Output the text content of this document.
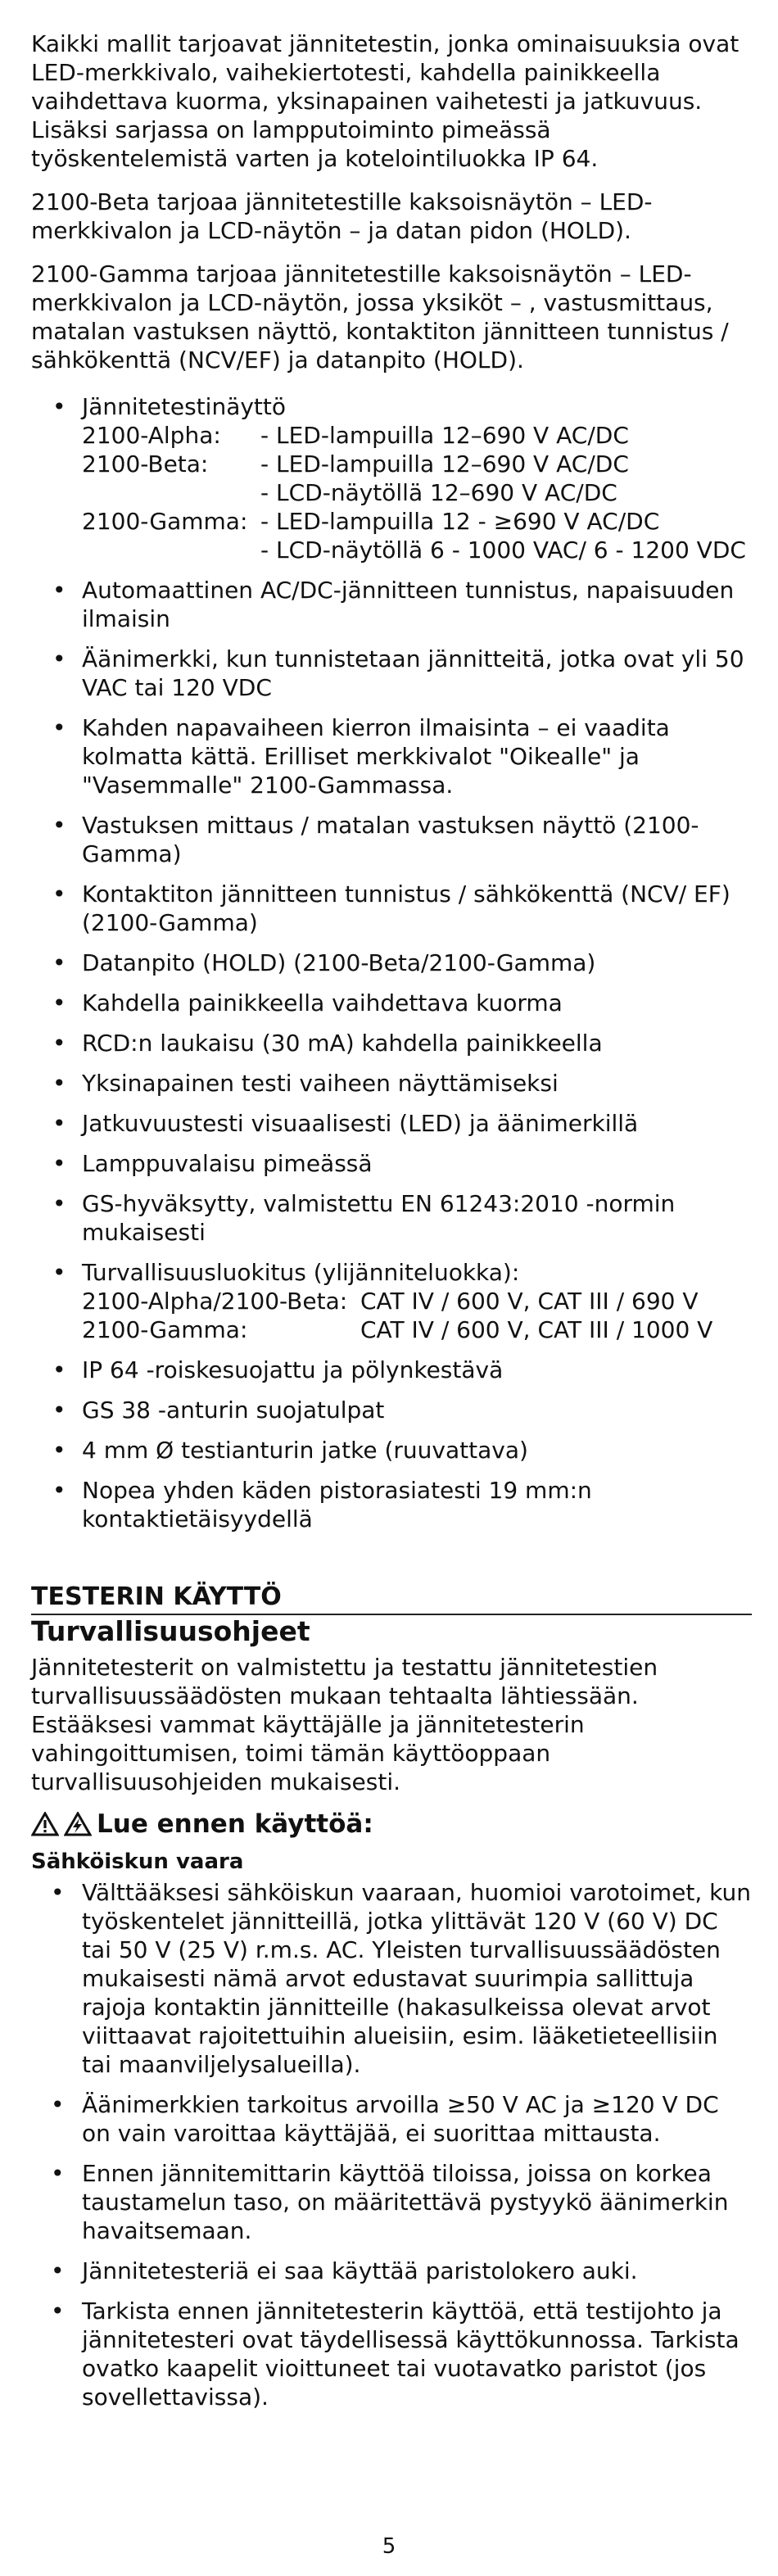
Kaikki mallit tarjoavat jännitetestin, jonka ominaisuuksia ovat LED-merkkivalo, vaihekiertotesti, kahdella painikkeella vaihdettava kuorma, yksinapainen vaihetesti ja jatkuvuus. Lisäksi sarjassa on lampputoiminto pimeässä työskentelemistä varten ja kotelointiluokka IP 64.

2100-Beta tarjoaa jännitetestille kaksoisnäytön – LED-merkkivalon ja LCD-näytön – ja datan pidon (HOLD).

2100-Gamma tarjoaa jännitetestille kaksoisnäytön – LED-merkkivalon ja LCD-näytön, jossa yksiköt – , vastusmittaus, matalan vastuksen näyttö, kontaktiton jännitteen tunnistus / sähkökenttä (NCV/EF) ja datanpito (HOLD).

• Jännitetestinäyttö
2100-Alpha:	- LED-lampuilla 12–690 V AC/DC
2100-Beta:	- LED-lampuilla 12–690 V AC/DC
- LCD-näytöllä 12–690 V AC/DC
2100-Gamma: - LED-lampuilla 12 - ≥690 V AC/DC
- LCD-näytöllä 6 - 1000 VAC/ 6 - 1200 VDC
• Automaattinen AC/DC-jännitteen tunnistus, napaisuuden ilmaisin
• Äänimerkki, kun tunnistetaan jännitteitä, jotka ovat yli 50 VAC tai 120 VDC
• Kahden napavaiheen kierron ilmaisinta – ei vaadita kolmatta kättä. Erilliset merkkivalot "Oikealle" ja "Vasemmalle" 2100-Gammassa.
• Vastuksen mittaus / matalan vastuksen näyttö (2100-Gamma)
• Kontaktiton jännitteen tunnistus / sähkökenttä (NCV/ EF) (2100-Gamma)
• Datanpito (HOLD) (2100-Beta/2100-Gamma)
• Kahdella painikkeella vaihdettava kuorma
• RCD:n laukaisu (30 mA) kahdella painikkeella
• Yksinapainen testi vaiheen näyttämiseksi
• Jatkuvuustesti visuaalisesti (LED) ja äänimerkillä
• Lamppuvalaisu pimeässä
• GS-hyväksytty, valmistettu EN 61243:2010 -normin mukaisesti
• Turvallisuusluokitus (ylijänniteluokka):
2100-Alpha/2100-Beta: CAT IV / 600 V, CAT III / 690 V
2100-Gamma:	CAT IV / 600 V, CAT III / 1000 V
• IP 64 -roiskesuojattu ja pölynkestävä
• GS 38 -anturin suojatulpat
• 4 mm Ø testianturin jatke (ruuvattava)
• Nopea yhden käden pistorasiatesti 19 mm:n kontaktietäisyydellä
TESTERIN KÄYTTÖ
Turvallisuusohjeet

Jännitetesterit on valmistettu ja testattu jännitetestien turvallisuussäädösten mukaan tehtaalta lähtiessään. Estääksesi vammat käyttäjälle ja jännitetesterin vahingoittumisen, toimi tämän käyttöoppaan turvallisuusohjeiden mukaisesti.

Lue ennen käyttöä:
Sähköiskun vaara
• Välttääksesi sähköiskun vaaraan, huomioi varotoimet, kun työskentelet jännitteillä, jotka ylittävät 120 V (60 V) DC tai 50 V (25 V) r.m.s. AC. Yleisten turvallisuussäädösten mukaisesti nämä arvot edustavat suurimpia sallittuja rajoja kontaktin jännitteille (hakasulkeissa olevat arvot viittaavat rajoitettuihin alueisiin, esim. lääketieteellisiin tai maanviljelysalueilla).
• Äänimerkkien tarkoitus arvoilla ≥50 V AC ja ≥120 V DC on vain varoittaa käyttäjää, ei suorittaa mittausta.
• Ennen jännitemittarin käyttöä tiloissa, joissa on korkea taustamelun taso, on määritettävä pystyykö äänimerkin havaitsemaan.
• Jännitetesteriä ei saa käyttää paristolokero auki.
• Tarkista ennen jännitetesterin käyttöä, että testijohto ja jännitetesteri ovat täydellisessä käyttökunnossa. Tarkista ovatko kaapelit vioittuneet tai vuotavatko paristot (jos sovellettavissa).
5
